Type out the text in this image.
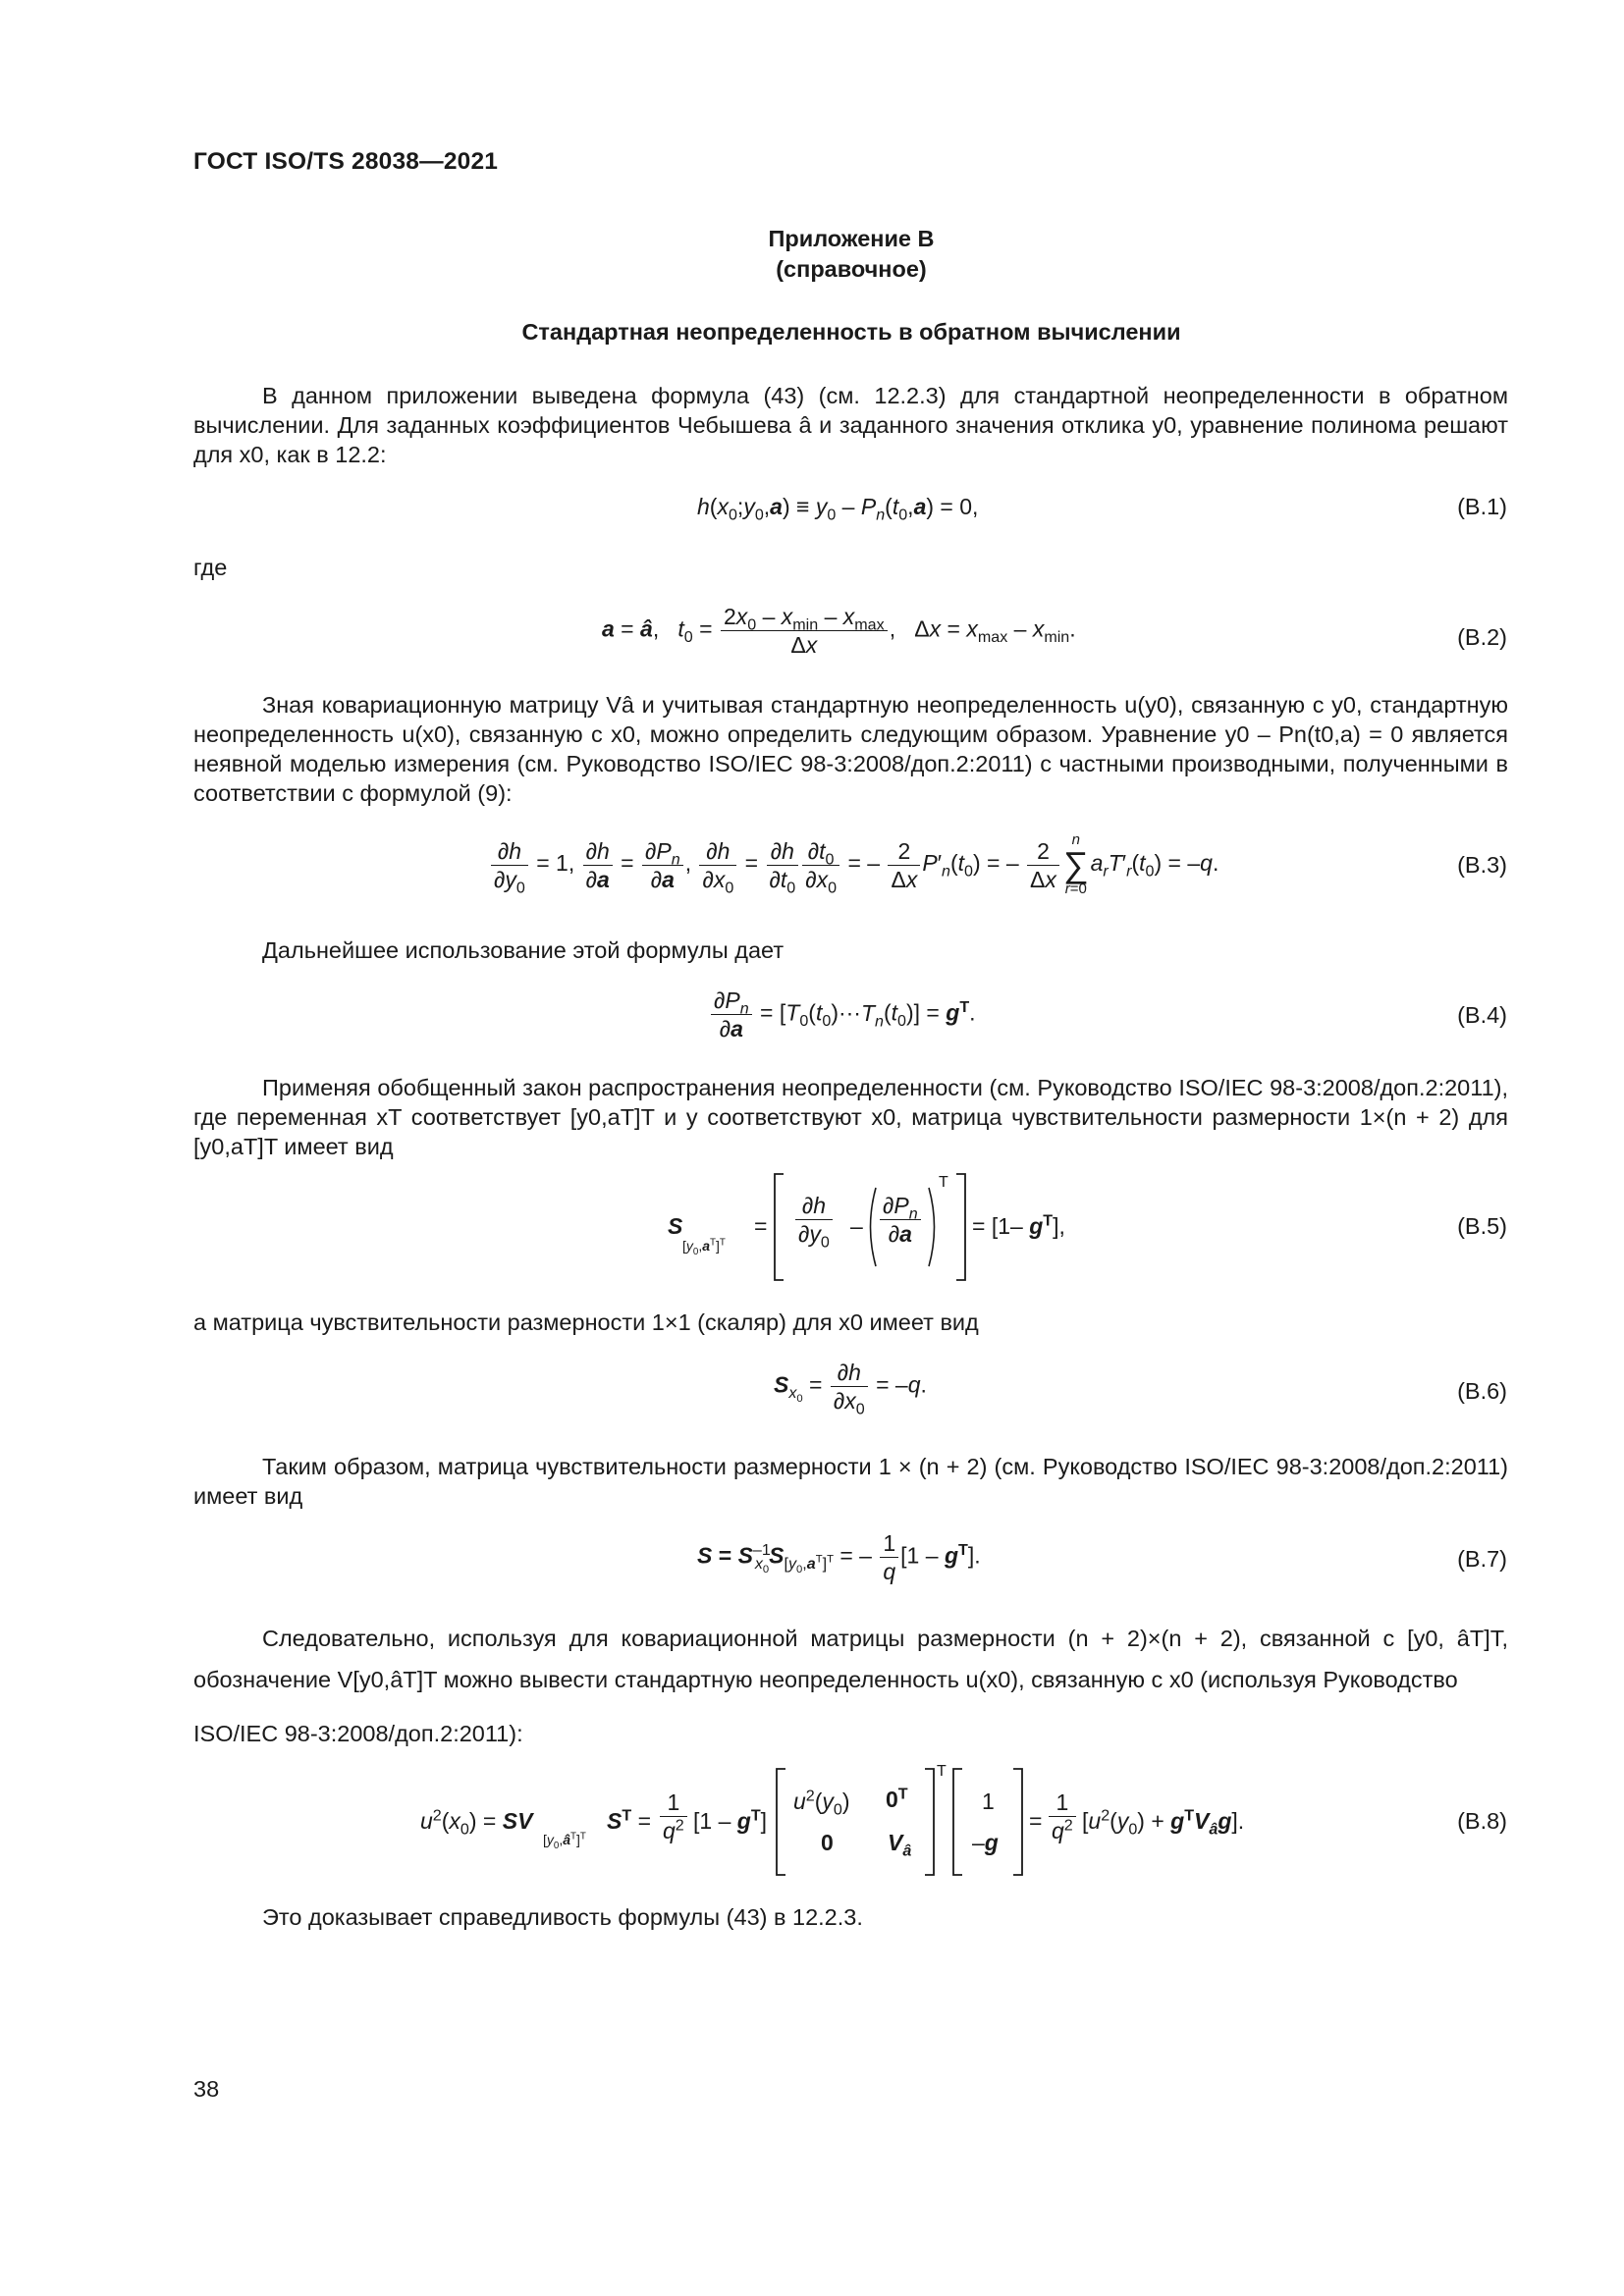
ГОСТ ISO/TS 28038—2021
Приложение В
(справочное)
Стандартная неопределенность в обратном вычислении
В данном приложении выведена формула (43) (см. 12.2.3) для стандартной неопределенности в обратном вычислении. Для заданных коэффициентов Чебышева â и заданного значения отклика y0, уравнение полинома решают для x0, как в 12.2:
$h(x_0;y_0,a) \equiv y_0 - P_n(t_0,a) = 0$,	(B.1)
где
a = â,   $t_0 = \frac{2x_0 - x_{min} - x_{max}}{\Delta x}$ ,   $\Delta x = x_{max} - x_{min}$.	(B.2)
Зная ковариационную матрицу Vâ и учитывая стандартную неопределенность u(y0), связанную с y0, стандартную неопределенность u(x0), связанную с x0, можно определить следующим образом. Уравнение y0 – Pn(t0,a) = 0 является неявной моделью измерения (см. Руководство ISO/IEC 98-3:2008/доп.2:2011) с частными производными, полученными в соответствии с формулой (9):
$\frac{\partial h}{\partial y_0} = 1$, $\frac{\partial h}{\partial a} = \frac{\partial P_n}{\partial a}$ , $\frac{\partial h}{\partial x_0} = \frac{\partial h}{\partial t_0} \frac{\partial t_0}{\partial x_0}$ = – $\frac{2}{\Delta x} P'_n(t_0)$ = – $\frac{2}{\Delta x}$ n
∑
$r=0a_rT'_r(t_0) = -q$.	(B.3)
Дальнейшее использование этой формулы дает
$\frac{\partial P_n}{\partial a} = [T_0(t_0)\cdot\cdot\cdot T_n(t_0)] = g^T$.	(B.4)
Применяя обобщенный закон распространения неопределенности (см. Руководство ISO/IEC 98-3:2008/доп.2:2011), где переменная xT соответствует [y0,aT]T и y соответствуют x0, матрица чувствительности размерности 1×(n + 2) для [y0,aT]T имеет вид
S
$[y_0,a^T]^T$
= $\frac{\partial h}{\partial y_0} - \frac{\partial P_n}{\partial a}$
T
= [1– $g^T$],	(B.5)
а матрица чувствительности размерности 1×1 (скаляр) для x0 имеет вид
$S_{x_0} = \frac{\partial h}{\partial x_0} = -q$.	(B.6)
Таким образом, матрица чувствительности размерности 1 × (n + 2) (см. Руководство ISO/IEC 98-3:2008/доп.2:2011) имеет вид
$S = S^{-1}_{x_0}S_{[y_0,a^T]^T}$ = – $\frac{1}{q} [1 - g^T]$.	(B.7)
Следовательно, используя для ковариационной матрицы размерности (n + 2)×(n + 2), связанной с [y0, âT]T, обозначение V[y0,âT]T можно вывести стандартную неопределенность u(x0), связанную с x0 (используя Руководство
ISO/IEC 98-3:2008/доп.2:2011):
$u^2(x_0)$ = SV
$[y_0,â^T]^T$
$S^T = \frac{1}{q^2} [1 - g^T]$
$u^2(y_0)$ $0^T$
0 $V_â$
T
1
–g
= $\frac{1}{q^2} [u^2(y_0) + g^TV_âg]$.	(B.8)
Это доказывает справедливость формулы (43) в 12.2.3.
38
